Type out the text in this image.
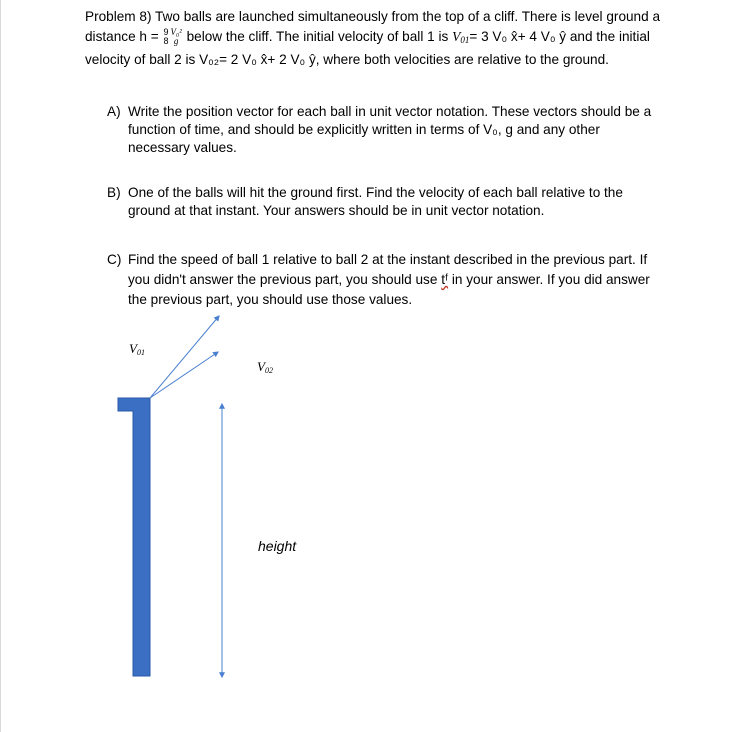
Problem 8) Two balls are launched simultaneously from the top of a cliff. There is level ground a distance h = 9
8
V₀²
g below the cliff. The initial velocity of ball 1 is $V_{01}= 3$ V₀ x̂+ 4 V₀ ŷ and the initial velocity of ball 2 is V₀₂= 2 V₀ x̂+ 2 V₀ ŷ, where both velocities are relative to the ground.
A) Write the position vector for each ball in unit vector notation. These vectors should be a function of time, and should be explicitly written in terms of V₀, g and any other necessary values.
B) One of the balls will hit the ground first. Find the velocity of each ball relative to the ground at that instant. Your answers should be in unit vector notation.
C) Find the speed of ball 1 relative to ball 2 at the instant described in the previous part. If you didn't answer the previous part, you should use tᶠ in your answer. If you did answer the previous part, you should use those values.
$V_{01}$
$V_{02}$
height
